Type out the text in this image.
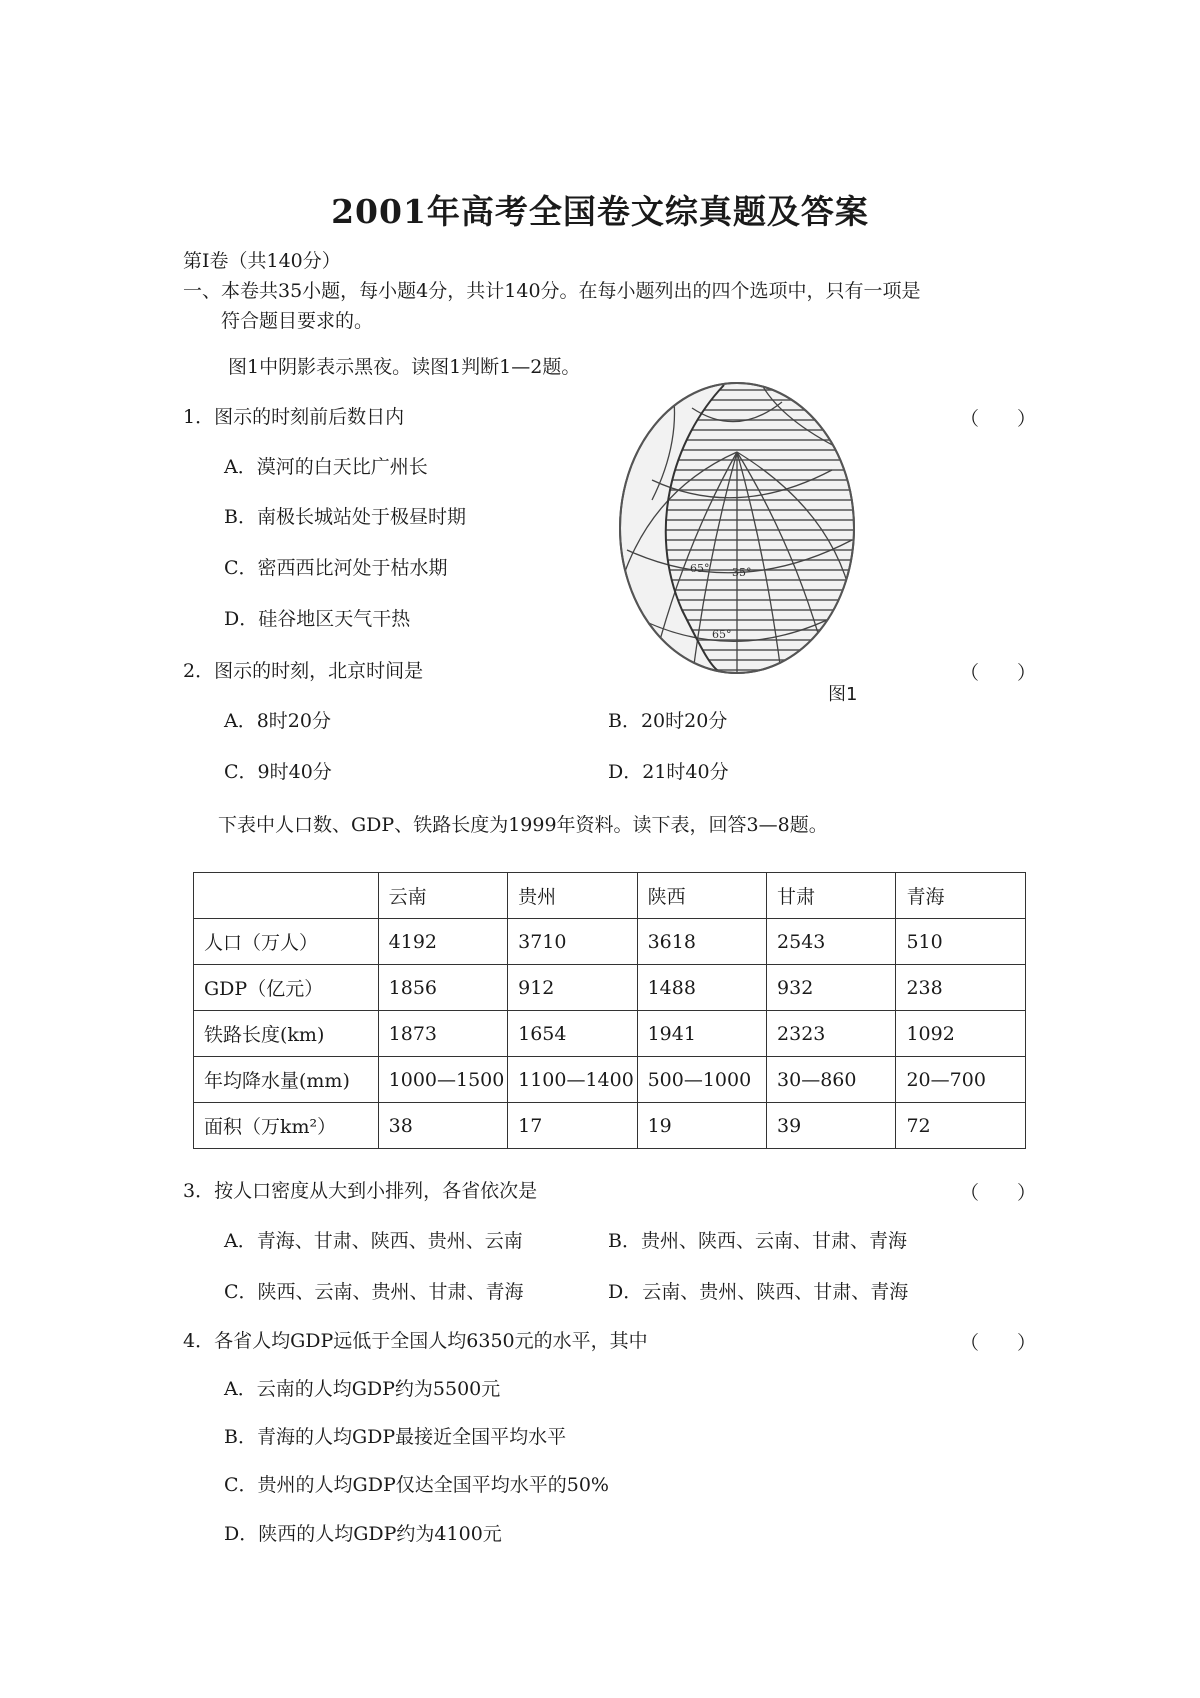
2001年高考全国卷文综真题及答案
第Ⅰ卷（共140分）
一、本卷共35小题，每小题4分，共计140分。在每小题列出的四个选项中，只有一项是
符合题目要求的。
图1中阴影表示黑夜。读图1判断1—2题。
1．图示的时刻前后数日内	（　　）
A．漠河的白天比广州长
B．南极长城站处于极昼时期
C．密西西比河处于枯水期
D．硅谷地区天气干热
65° 35°
65°
图1
2．图示的时刻，北京时间是	（　　）
A．8时20分	B．20时20分
C．9时40分	D．21时40分
下表中人口数、GDP、铁路长度为1999年资料。读下表，回答3—8题。
	云南	贵州	陕西	甘肃	青海
人口（万人）	4192	3710	3618	2543	510
GDP（亿元）	1856	912	1488	932	238
铁路长度(km)	1873	1654	1941	2323	1092
年均降水量(mm)	1000—1500	1100—1400	500—1000	30—860	20—700
面积（万km²）	38	17	19	39	72
3．按人口密度从大到小排列，各省依次是	（　　）
A．青海、甘肃、陕西、贵州、云南	B．贵州、陕西、云南、甘肃、青海
C．陕西、云南、贵州、甘肃、青海	D．云南、贵州、陕西、甘肃、青海
4．各省人均GDP远低于全国人均6350元的水平，其中	（　　）
A．云南的人均GDP约为5500元
B．青海的人均GDP最接近全国平均水平
C．贵州的人均GDP仅达全国平均水平的50%
D．陕西的人均GDP约为4100元
